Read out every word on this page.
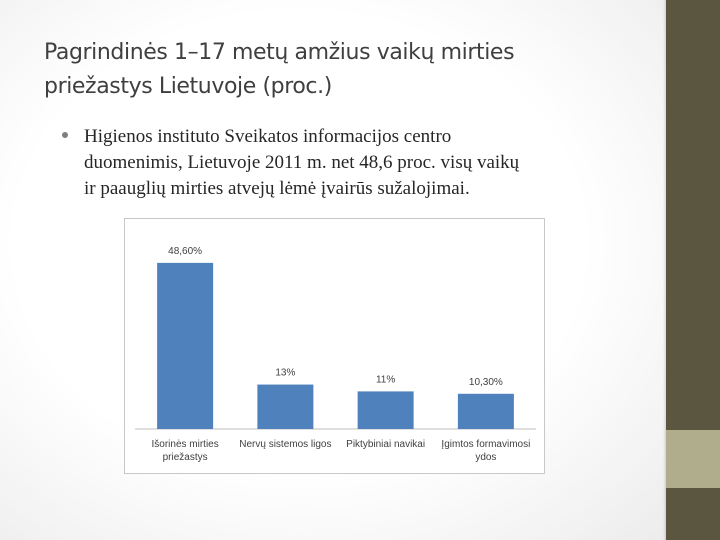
Pagrindinės 1–17 metų amžius vaikų mirties
priežastys Lietuvoje (proc.)
Higienos instituto Sveikatos informacijos centro
duomenimis, Lietuvoje 2011 m. net 48,6 proc. visų vaikų
ir paauglių mirties atvejų lėmė įvairūs sužalojimai.
48,60%
Išorinės mirties priežastys
13%
Nervų sistemos ligos
11%
Piktybiniai navikai
10,30%
Įgimtos formavimosi ydos
